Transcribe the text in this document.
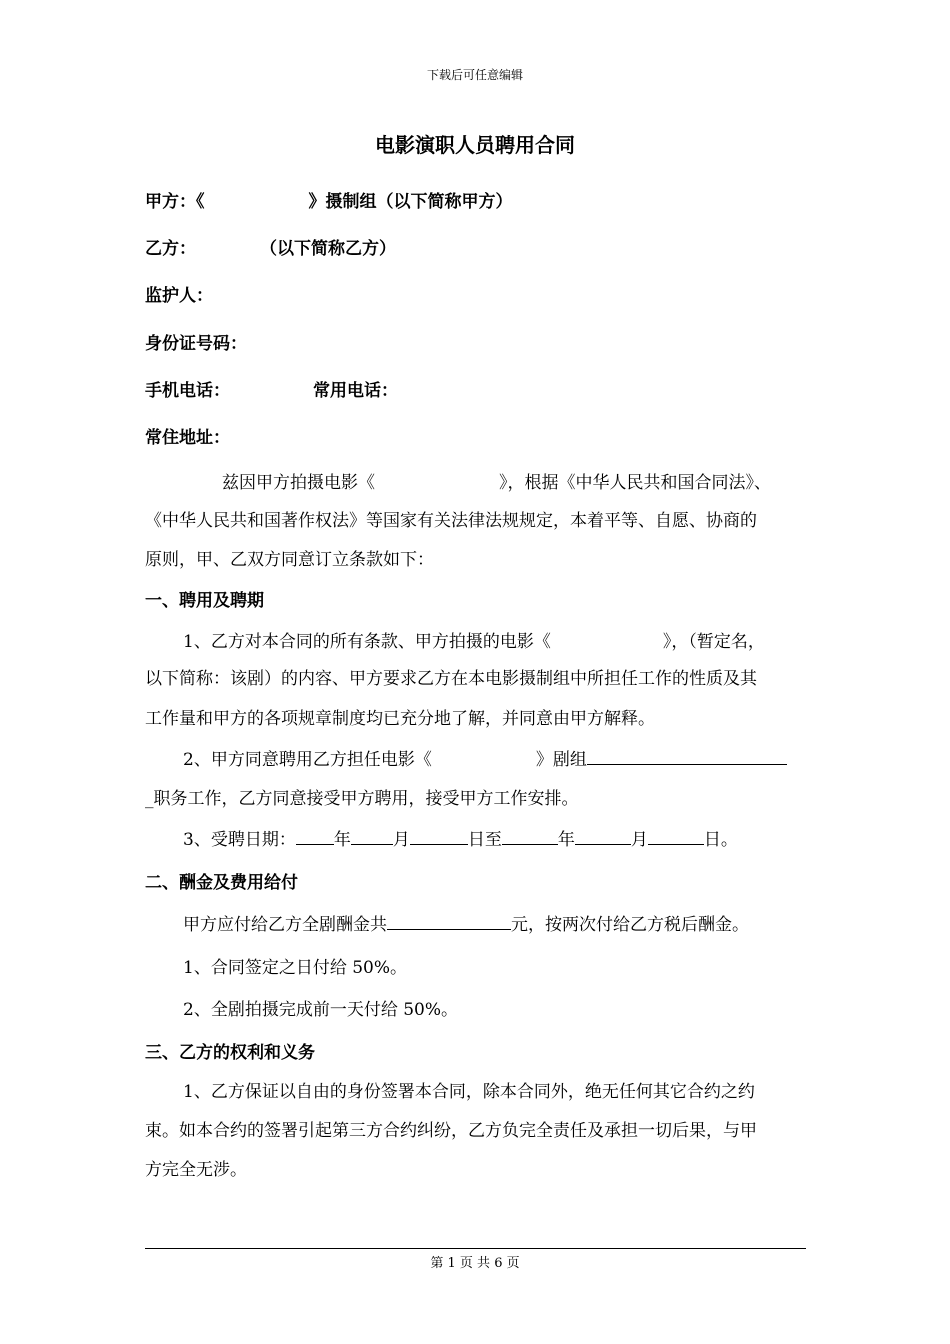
下载后可任意编辑
电影演职人员聘用合同
甲方：《	》摄制组（以下简称甲方）
乙方：	（以下简称乙方）
监护人：
身份证号码：
手机电话：	常用电话：
常住地址：
兹因甲方拍摄电影《	》，根据《中华人民共和国合同法》、
《中华人民共和国著作权法》等国家有关法律法规规定，本着平等、自愿、协商的
原则，甲、乙双方同意订立条款如下：
一、聘用及聘期
1、乙方对本合同的所有条款、甲方拍摄的电影《	》，（暂定名，
以下简称：该剧）的内容、甲方要求乙方在本电影摄制组中所担任工作的性质及其
工作量和甲方的各项规章制度均已充分地了解，并同意由甲方解释。
2、甲方同意聘用乙方担任电影《	》剧组
_职务工作，乙方同意接受甲方聘用，接受甲方工作安排。
3、受聘日期： 年 月	日至	年	月	日。
二、酬金及费用给付
甲方应付给乙方全剧酬金共	元，按两次付给乙方税后酬金。
1、合同签定之日付给 50%。
2、全剧拍摄完成前一天付给 50%。
三、乙方的权利和义务
1、乙方保证以自由的身份签署本合同，除本合同外，绝无任何其它合约之约
束。如本合约的签署引起第三方合约纠纷，乙方负完全责任及承担一切后果，与甲
方完全无涉。
第 1 页 共 6 页
